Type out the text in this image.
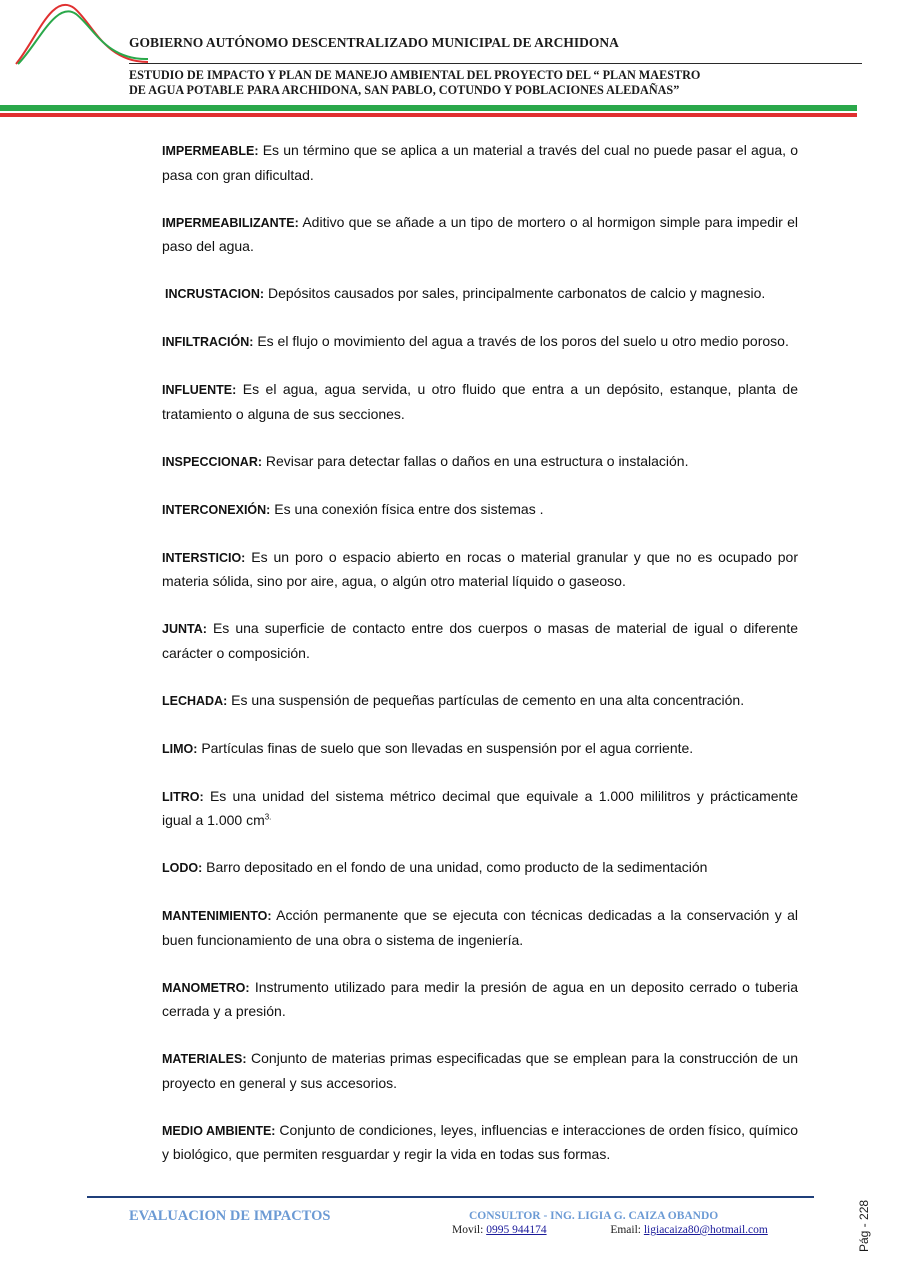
GOBIERNO AUTÓNOMO DESCENTRALIZADO MUNICIPAL DE ARCHIDONA
ESTUDIO DE IMPACTO Y PLAN DE MANEJO AMBIENTAL DEL PROYECTO DEL “ PLAN MAESTRO
DE AGUA POTABLE PARA ARCHIDONA, SAN PABLO, COTUNDO Y POBLACIONES ALEDAÑAS”

IMPERMEABLE: Es un término que se aplica a un material a través del cual no puede pasar el agua, o pasa con gran dificultad.

IMPERMEABILIZANTE: Aditivo que se añade a un tipo de mortero o al hormigon simple para impedir el paso del agua.

INCRUSTACION: Depósitos causados por sales, principalmente carbonatos de calcio y magnesio.

INFILTRACIÓN: Es el flujo o movimiento del agua a través de los poros del suelo u otro medio poroso.

INFLUENTE: Es el agua, agua servida, u otro fluido que entra a un depósito, estanque, planta de tratamiento o alguna de sus secciones.

INSPECCIONAR: Revisar para detectar fallas o daños en una estructura o instalación.

INTERCONEXIÓN: Es una conexión física entre dos sistemas .

INTERSTICIO: Es un poro o espacio abierto en rocas o material granular y que no es ocupado por materia sólida, sino por aire, agua, o algún otro material líquido o gaseoso.

JUNTA: Es una superficie de contacto entre dos cuerpos o masas de material de igual o diferente carácter o composición.

LECHADA: Es una suspensión de pequeñas partículas de cemento en una alta concentración.

LIMO: Partículas finas de suelo que son llevadas en suspensión por el agua corriente.

LITRO: Es una unidad del sistema métrico decimal que equivale a 1.000 mililitros y prácticamente igual a 1.000 $cm^{3.}$

LODO: Barro depositado en el fondo de una unidad, como producto de la sedimentación

MANTENIMIENTO: Acción permanente que se ejecuta con técnicas dedicadas a la conservación y al buen funcionamiento de una obra o sistema de ingeniería.

MANOMETRO: Instrumento utilizado para medir la presión de agua en un deposito cerrado o tuberia cerrada y a presión.

MATERIALES: Conjunto de materias primas especificadas que se emplean para la construcción de un proyecto en general y sus accesorios.

MEDIO AMBIENTE: Conjunto de condiciones, leyes, influencias e interacciones de orden físico, químico y biológico, que permiten resguardar y regir la vida en todas sus formas.

EVALUACION DE IMPACTOS	CONSULTOR - ING. LIGIA G. CAIZA OBANDO
Movil: 0995 944174	Email: ligiacaiza80@hotmail.com	Pág - 228
